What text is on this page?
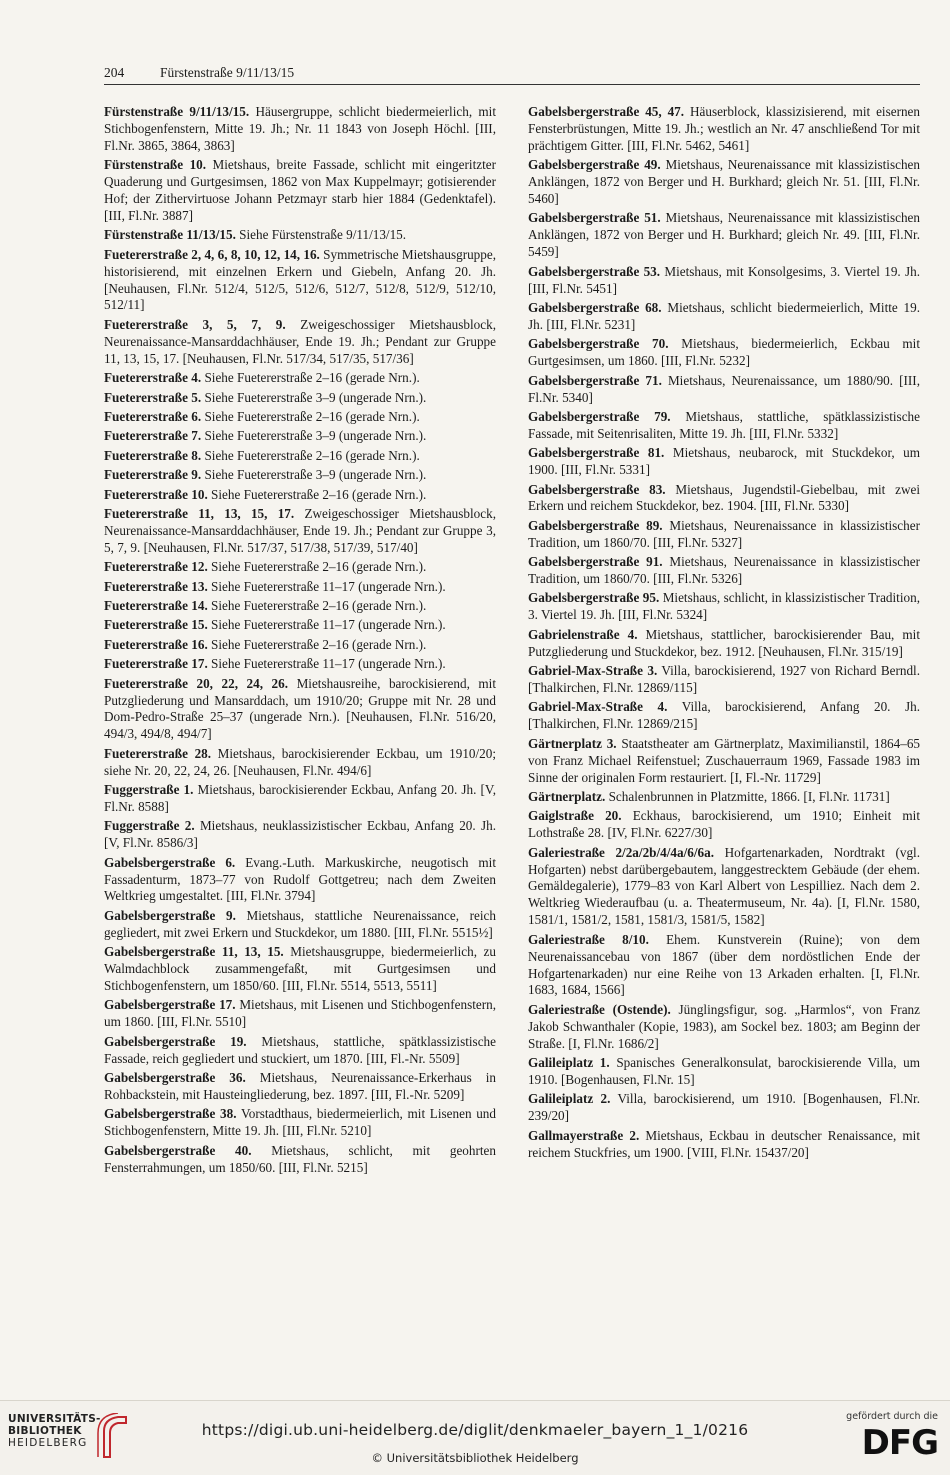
204	Fürstenstraße 9/11/13/15
Fürstenstraße 9/11/13/15. Häusergruppe, schlicht biedermeierlich, mit Stichbogenfenstern, Mitte 19. Jh.; Nr. 11 1843 von Joseph Höchl. [III, Fl.Nr. 3865, 3864, 3863]
Fürstenstraße 10. Mietshaus, breite Fassade, schlicht mit eingeritzter Quaderung und Gurtgesimsen, 1862 von Max Kuppelmayr; gotisierender Hof; der Zithervirtuose Johann Petzmayr starb hier 1884 (Gedenktafel). [III, Fl.Nr. 3887]
Fürstenstraße 11/13/15. Siehe Fürstenstraße 9/11/13/15.
Fuetererstraße 2, 4, 6, 8, 10, 12, 14, 16. Symmetrische Mietshausgruppe, historisierend, mit einzelnen Erkern und Giebeln, Anfang 20. Jh. [Neuhausen, Fl.Nr. 512/4, 512/5, 512/6, 512/7, 512/8, 512/9, 512/10, 512/11]
Fuetererstraße 3, 5, 7, 9. Zweigeschossiger Mietshausblock, Neurenaissance-Mansarddachhäuser, Ende 19. Jh.; Pendant zur Gruppe 11, 13, 15, 17. [Neuhausen, Fl.Nr. 517/34, 517/35, 517/36]
Fuetererstraße 4. Siehe Fuetererstraße 2–16 (gerade Nrn.).
Fuetererstraße 5. Siehe Fuetererstraße 3–9 (ungerade Nrn.).
Fuetererstraße 6. Siehe Fuetererstraße 2–16 (gerade Nrn.).
Fuetererstraße 7. Siehe Fuetererstraße 3–9 (ungerade Nrn.).
Fuetererstraße 8. Siehe Fuetererstraße 2–16 (gerade Nrn.).
Fuetererstraße 9. Siehe Fuetererstraße 3–9 (ungerade Nrn.).
Fuetererstraße 10. Siehe Fuetererstraße 2–16 (gerade Nrn.).
Fuetererstraße 11, 13, 15, 17. Zweigeschossiger Mietshausblock, Neurenaissance-Mansarddachhäuser, Ende 19. Jh.; Pendant zur Gruppe 3, 5, 7, 9. [Neuhausen, Fl.Nr. 517/37, 517/38, 517/39, 517/40]
Fuetererstraße 12. Siehe Fuetererstraße 2–16 (gerade Nrn.).
Fuetererstraße 13. Siehe Fuetererstraße 11–17 (ungerade Nrn.).
Fuetererstraße 14. Siehe Fuetererstraße 2–16 (gerade Nrn.).
Fuetererstraße 15. Siehe Fuetererstraße 11–17 (ungerade Nrn.).
Fuetererstraße 16. Siehe Fuetererstraße 2–16 (gerade Nrn.).
Fuetererstraße 17. Siehe Fuetererstraße 11–17 (ungerade Nrn.).
Fuetererstraße 20, 22, 24, 26. Mietshausreihe, barockisierend, mit Putzgliederung und Mansarddach, um 1910/20; Gruppe mit Nr. 28 und Dom-Pedro-Straße 25–37 (ungerade Nrn.). [Neuhausen, Fl.Nr. 516/20, 494/3, 494/8, 494/7]
Fuetererstraße 28. Mietshaus, barockisierender Eckbau, um 1910/20; siehe Nr. 20, 22, 24, 26. [Neuhausen, Fl.Nr. 494/6]
Fuggerstraße 1. Mietshaus, barockisierender Eckbau, Anfang 20. Jh. [V, Fl.Nr. 8588]
Fuggerstraße 2. Mietshaus, neuklassizistischer Eckbau, Anfang 20. Jh. [V, Fl.Nr. 8586/3]
Gabelsbergerstraße 6. Evang.-Luth. Markuskirche, neugotisch mit Fassadenturm, 1873–77 von Rudolf Gottgetreu; nach dem Zweiten Weltkrieg umgestaltet. [III, Fl.Nr. 3794]
Gabelsbergerstraße 9. Mietshaus, stattliche Neurenaissance, reich gegliedert, mit zwei Erkern und Stuckdekor, um 1880. [III, Fl.Nr. 5515½]
Gabelsbergerstraße 11, 13, 15. Mietshausgruppe, biedermeierlich, zu Walmdachblock zusammengefaßt, mit Gurtgesimsen und Stichbogenfenstern, um 1850/60. [III, Fl.Nr. 5514, 5513, 5511]
Gabelsbergerstraße 17. Mietshaus, mit Lisenen und Stichbogenfenstern, um 1860. [III, Fl.Nr. 5510]
Gabelsbergerstraße 19. Mietshaus, stattliche, spätklassizistische Fassade, reich gegliedert und stuckiert, um 1870. [III, Fl.-Nr. 5509]
Gabelsbergerstraße 36. Mietshaus, Neurenaissance-Erkerhaus in Rohbackstein, mit Hausteingliederung, bez. 1897. [III, Fl.-Nr. 5209]
Gabelsbergerstraße 38. Vorstadthaus, biedermeierlich, mit Lisenen und Stichbogenfenstern, Mitte 19. Jh. [III, Fl.Nr. 5210]
Gabelsbergerstraße 40. Mietshaus, schlicht, mit geohrten Fensterrahmungen, um 1850/60. [III, Fl.Nr. 5215]
Gabelsbergerstraße 45, 47. Häuserblock, klassizisierend, mit eisernen Fensterbrüstungen, Mitte 19. Jh.; westlich an Nr. 47 anschließend Tor mit prächtigem Gitter. [III, Fl.Nr. 5462, 5461]
Gabelsbergerstraße 49. Mietshaus, Neurenaissance mit klassizistischen Anklängen, 1872 von Berger und H. Burkhard; gleich Nr. 51. [III, Fl.Nr. 5460]
Gabelsbergerstraße 51. Mietshaus, Neurenaissance mit klassizistischen Anklängen, 1872 von Berger und H. Burkhard; gleich Nr. 49. [III, Fl.Nr. 5459]
Gabelsbergerstraße 53. Mietshaus, mit Konsolgesims, 3. Viertel 19. Jh. [III, Fl.Nr. 5451]
Gabelsbergerstraße 68. Mietshaus, schlicht biedermeierlich, Mitte 19. Jh. [III, Fl.Nr. 5231]
Gabelsbergerstraße 70. Mietshaus, biedermeierlich, Eckbau mit Gurtgesimsen, um 1860. [III, Fl.Nr. 5232]
Gabelsbergerstraße 71. Mietshaus, Neurenaissance, um 1880/90. [III, Fl.Nr. 5340]
Gabelsbergerstraße 79. Mietshaus, stattliche, spätklassizistische Fassade, mit Seitenrisaliten, Mitte 19. Jh. [III, Fl.Nr. 5332]
Gabelsbergerstraße 81. Mietshaus, neubarock, mit Stuckdekor, um 1900. [III, Fl.Nr. 5331]
Gabelsbergerstraße 83. Mietshaus, Jugendstil-Giebelbau, mit zwei Erkern und reichem Stuckdekor, bez. 1904. [III, Fl.Nr. 5330]
Gabelsbergerstraße 89. Mietshaus, Neurenaissance in klassizistischer Tradition, um 1860/70. [III, Fl.Nr. 5327]
Gabelsbergerstraße 91. Mietshaus, Neurenaissance in klassizistischer Tradition, um 1860/70. [III, Fl.Nr. 5326]
Gabelsbergerstraße 95. Mietshaus, schlicht, in klassizistischer Tradition, 3. Viertel 19. Jh. [III, Fl.Nr. 5324]
Gabrielenstraße 4. Mietshaus, stattlicher, barockisierender Bau, mit Putzgliederung und Stuckdekor, bez. 1912. [Neuhausen, Fl.Nr. 315/19]
Gabriel-Max-Straße 3. Villa, barockisierend, 1927 von Richard Berndl. [Thalkirchen, Fl.Nr. 12869/115]
Gabriel-Max-Straße 4. Villa, barockisierend, Anfang 20. Jh. [Thalkirchen, Fl.Nr. 12869/215]
Gärtnerplatz 3. Staatstheater am Gärtnerplatz, Maximilianstil, 1864–65 von Franz Michael Reifenstuel; Zuschauerraum 1969, Fassade 1983 im Sinne der originalen Form restauriert. [I, Fl.-Nr. 11729]
Gärtnerplatz. Schalenbrunnen in Platzmitte, 1866. [I, Fl.Nr. 11731]
Gaiglstraße 20. Eckhaus, barockisierend, um 1910; Einheit mit Lothstraße 28. [IV, Fl.Nr. 6227/30]
Galeriestraße 2/2a/2b/4/4a/6/6a. Hofgartenarkaden, Nordtrakt (vgl. Hofgarten) nebst darübergebautem, langgestrecktem Gebäude (der ehem. Gemäldegalerie), 1779–83 von Karl Albert von Lespilliez. Nach dem 2. Weltkrieg Wiederaufbau (u. a. Theatermuseum, Nr. 4a). [I, Fl.Nr. 1580, 1581/1, 1581/2, 1581, 1581/3, 1581/5, 1582]
Galeriestraße 8/10. Ehem. Kunstverein (Ruine); von dem Neurenaissancebau von 1867 (über dem nordöstlichen Ende der Hofgartenarkaden) nur eine Reihe von 13 Arkaden erhalten. [I, Fl.Nr. 1683, 1684, 1566]
Galeriestraße (Ostende). Jünglingsfigur, sog. „Harmlos“, von Franz Jakob Schwanthaler (Kopie, 1983), am Sockel bez. 1803; am Beginn der Straße. [I, Fl.Nr. 1686/2]
Galileiplatz 1. Spanisches Generalkonsulat, barockisierende Villa, um 1910. [Bogenhausen, Fl.Nr. 15]
Galileiplatz 2. Villa, barockisierend, um 1910. [Bogenhausen, Fl.Nr. 239/20]
Gallmayerstraße 2. Mietshaus, Eckbau in deutscher Renaissance, mit reichem Stuckfries, um 1900. [VIII, Fl.Nr. 15437/20]
UNIVERSITÄTS-
BIBLIOTHEK
HEIDELBERG
https://digi.ub.uni-heidelberg.de/diglit/denkmaeler_bayern_1_1/0216
© Universitätsbibliothek Heidelberg
gefördert durch die
DFG
